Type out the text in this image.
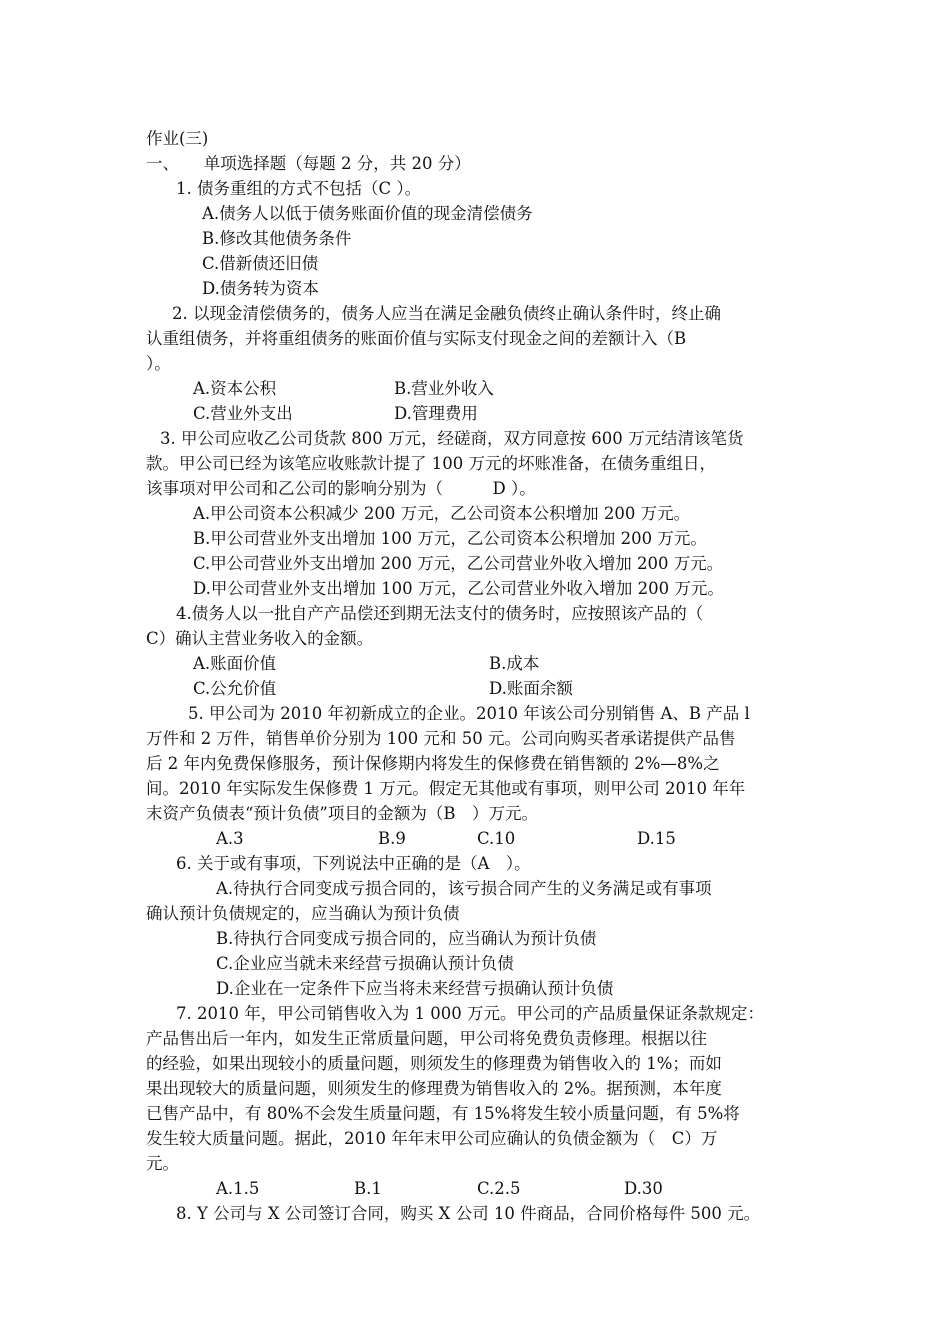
作业(三)
一、　　单项选择题（每题 2 分，共 20 分）
1. 债务重组的方式不包括（C ）。
A.债务人以低于债务账面价值的现金清偿债务
B.修改其他债务条件
C.借新债还旧债
D.债务转为资本
2. 以现金清偿债务的，债务人应当在满足金融负债终止确认条件时，终止确
认重组债务，并将重组债务的账面价值与实际支付现金之间的差额计入（B
）。
A.资本公积	B.营业外收入
C.营业外支出	D.管理费用
3. 甲公司应收乙公司货款 800 万元，经磋商，双方同意按 600 万元结清该笔货
款。甲公司已经为该笔应收账款计提了 100 万元的坏账准备，在债务重组日，
该事项对甲公司和乙公司的影响分别为（　　　D ）。
A.甲公司资本公积减少 200 万元，乙公司资本公积增加 200 万元。
B.甲公司营业外支出增加 100 万元，乙公司资本公积增加 200 万元。
C.甲公司营业外支出增加 200 万元，乙公司营业外收入增加 200 万元。
D.甲公司营业外支出增加 100 万元，乙公司营业外收入增加 200 万元。
4.债务人以一批自产产品偿还到期无法支付的债务时，应按照该产品的（
C）确认主营业务收入的金额。
A.账面价值	B.成本
C.公允价值	D.账面余额
5. 甲公司为 2010 年初新成立的企业。2010 年该公司分别销售 A、B 产品 l
万件和 2 万件，销售单价分别为 100 元和 50 元。公司向购买者承诺提供产品售
后 2 年内免费保修服务，预计保修期内将发生的保修费在销售额的 2%—8%之
间。2010 年实际发生保修费 1 万元。假定无其他或有事项，则甲公司 2010 年年
末资产负债表“预计负债”项目的金额为（B　）万元。
A.3	B.9	C.10	D.15
6. 关于或有事项，下列说法中正确的是（A　）。
A.待执行合同变成亏损合同的，该亏损合同产生的义务满足或有事项
确认预计负债规定的，应当确认为预计负债
B.待执行合同变成亏损合同的，应当确认为预计负债
C.企业应当就未来经营亏损确认预计负债
D.企业在一定条件下应当将未来经营亏损确认预计负债
7. 2010 年，甲公司销售收入为 1 000 万元。甲公司的产品质量保证条款规定：
产品售出后一年内，如发生正常质量问题，甲公司将免费负责修理。根据以往
的经验，如果出现较小的质量问题，则须发生的修理费为销售收入的 1%；而如
果出现较大的质量问题，则须发生的修理费为销售收入的 2%。据预测，本年度
已售产品中，有 80%不会发生质量问题，有 15%将发生较小质量问题，有 5%将
发生较大质量问题。据此，2010 年年末甲公司应确认的负债金额为（　C）万
元。
A.1.5	B.1	C.2.5	D.30
8. Y 公司与 X 公司签订合同，购买 X 公司 10 件商品，合同价格每件 500 元。
